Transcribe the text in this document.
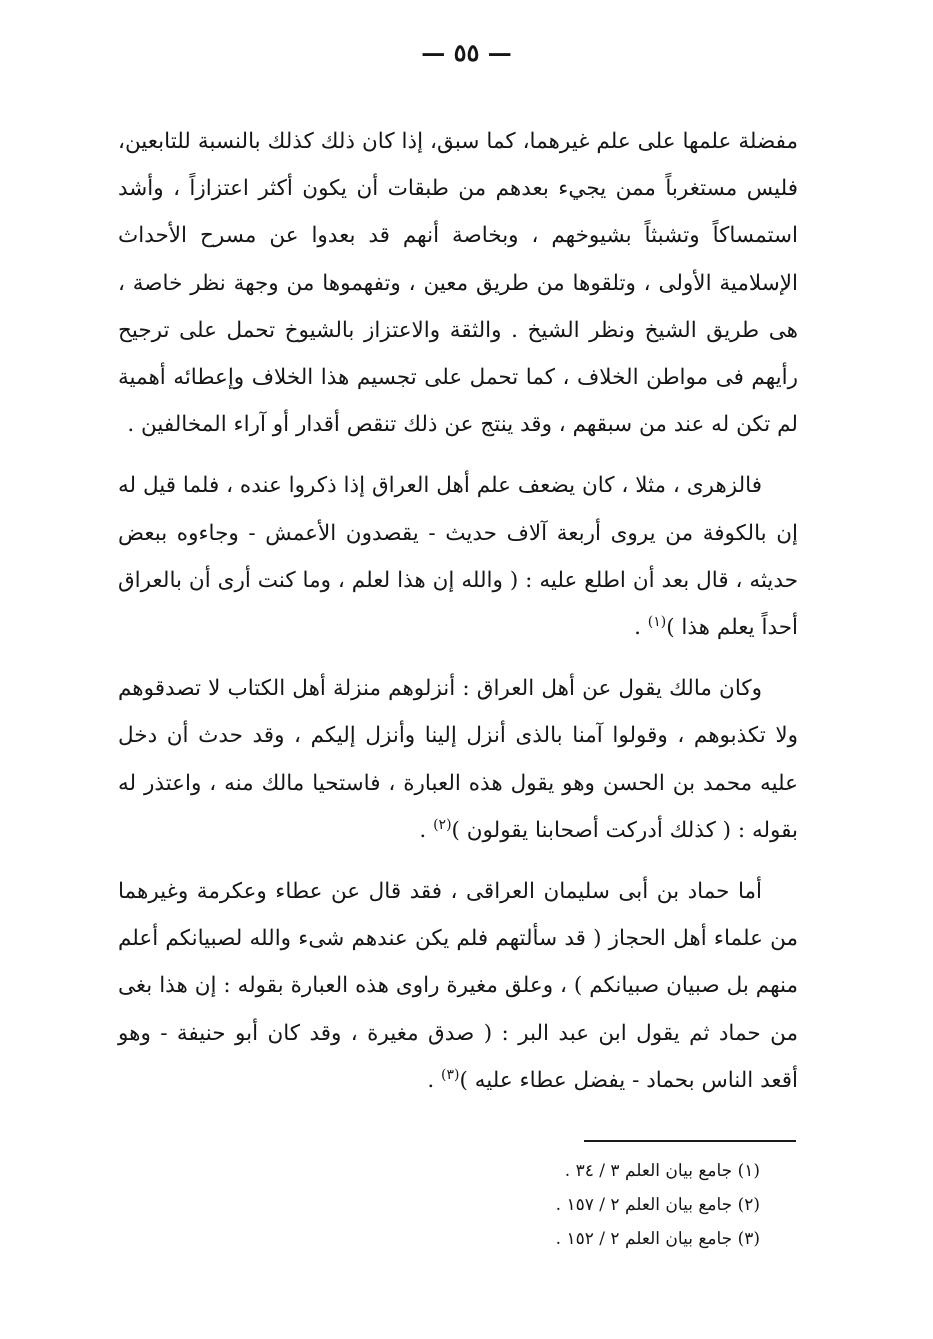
— ٥٥ —

مفضلة علمها على علم غيرهما، كما سبق، إذا كان ذلك كذلك بالنسبة للتابعين، فليس مستغرباً ممن يجيء بعدهم من طبقات أن يكون أكثر اعتزازاً ، وأشد استمساكاً وتشبثاً بشيوخهم ، وبخاصة أنهم قد بعدوا عن مسرح الأحداث الإسلامية الأولى ، وتلقوها من طريق معين ، وتفهموها من وجهة نظر خاصة ، هى طريق الشيخ ونظر الشيخ . والثقة والاعتزاز بالشيوخ تحمل على ترجيح رأيهم فى مواطن الخلاف ، كما تحمل على تجسيم هذا الخلاف وإعطائه أهمية لم تكن له عند من سبقهم ، وقد ينتج عن ذلك تنقص أقدار أو آراء المخالفين .

فالزهرى ، مثلا ، كان يضعف علم أهل العراق إذا ذكروا عنده ، فلما قيل له إن بالكوفة من يروى أربعة آلاف حديث - يقصدون الأعمش - وجاءوه ببعض حديثه ، قال بعد أن اطلع عليه : ( والله إن هذا لعلم ، وما كنت أرى أن بالعراق أحداً يعلم هذا )$^{(١)}$ .

وكان مالك يقول عن أهل العراق : أنزلوهم منزلة أهل الكتاب لا تصدقوهم ولا تكذبوهم ، وقولوا آمنا بالذى أنزل إلينا وأنزل إليكم ، وقد حدث أن دخل عليه محمد بن الحسن وهو يقول هذه العبارة ، فاستحيا مالك منه ، واعتذر له بقوله : ( كذلك أدركت أصحابنا يقولون )$^{(٢)}$ .

أما حماد بن أبى سليمان العراقى ، فقد قال عن عطاء وعكرمة وغيرهما من علماء أهل الحجاز ( قد سألتهم فلم يكن عندهم شىء والله لصبيانكم أعلم منهم بل صبيان صبيانكم ) ، وعلق مغيرة راوى هذه العبارة بقوله : إن هذا بغى من حماد ثم يقول ابن عبد البر : ( صدق مغيرة ، وقد كان أبو حنيفة - وهو أقعد الناس بحماد - يفضل عطاء عليه )$^{(٣)}$ .

(١) جامع بيان العلم ٣ / ٣٤ .
(٢) جامع بيان العلم ٢ / ١٥٧ .
(٣) جامع بيان العلم ٢ / ١٥٢ .
